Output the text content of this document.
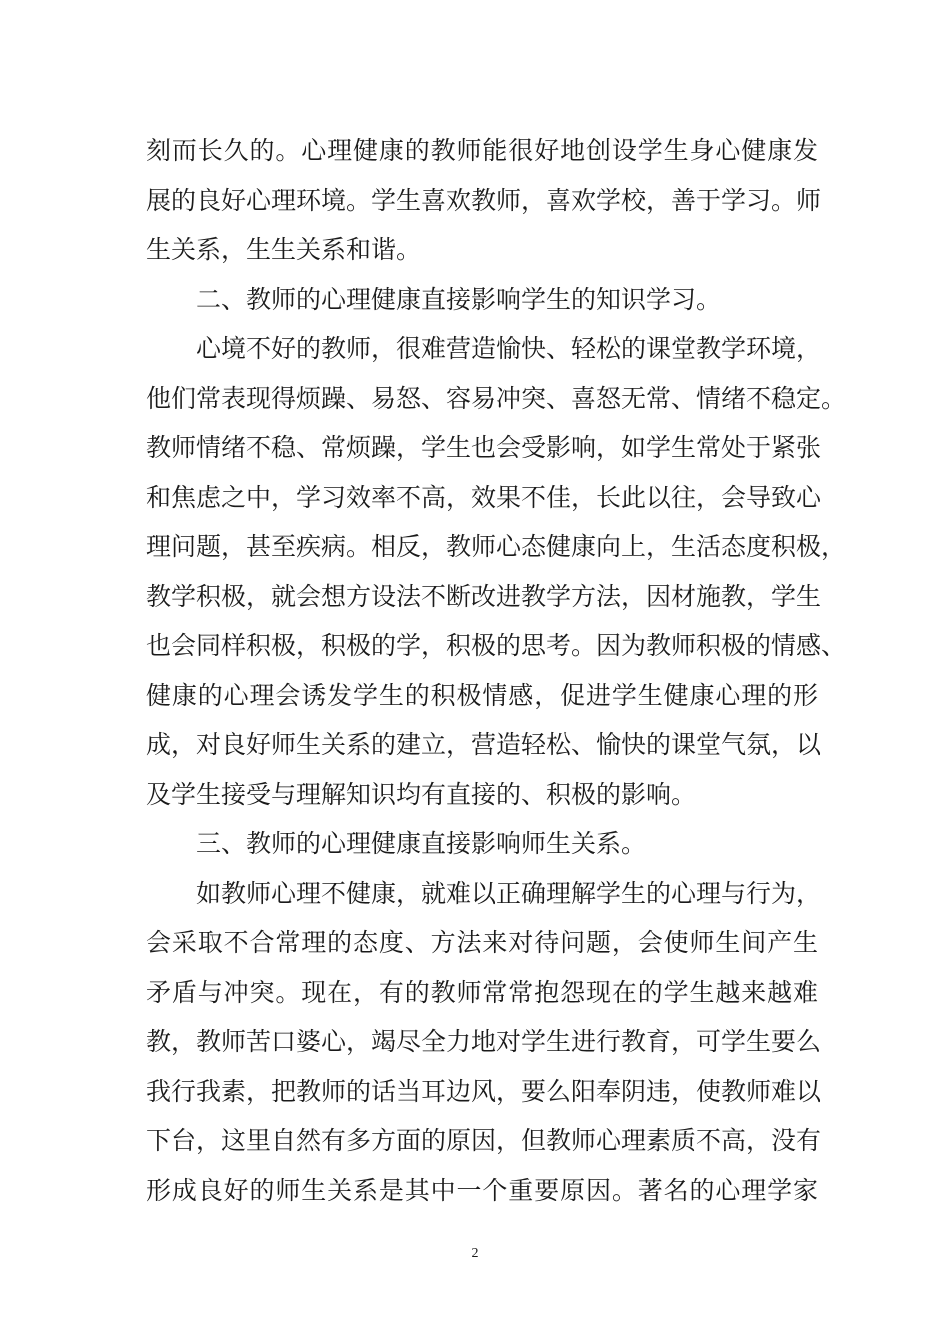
刻而长久的。心理健康的教师能很好地创设学生身心健康发
展的良好心理环境。学生喜欢教师，喜欢学校，善于学习。师
生关系，生生关系和谐。
二、教师的心理健康直接影响学生的知识学习。
心境不好的教师，很难营造愉快、轻松的课堂教学环境，
他们常表现得烦躁、易怒、容易冲突、喜怒无常、情绪不稳定。
教师情绪不稳、常烦躁，学生也会受影响，如学生常处于紧张
和焦虑之中，学习效率不高，效果不佳，长此以往，会导致心
理问题，甚至疾病。相反，教师心态健康向上，生活态度积极，
教学积极，就会想方设法不断改进教学方法，因材施教，学生
也会同样积极，积极的学，积极的思考。因为教师积极的情感、
健康的心理会诱发学生的积极情感，促进学生健康心理的形
成，对良好师生关系的建立，营造轻松、愉快的课堂气氛，以
及学生接受与理解知识均有直接的、积极的影响。
三、教师的心理健康直接影响师生关系。
如教师心理不健康，就难以正确理解学生的心理与行为，
会采取不合常理的态度、方法来对待问题，会使师生间产生
矛盾与冲突。现在，有的教师常常抱怨现在的学生越来越难
教，教师苦口婆心，竭尽全力地对学生进行教育，可学生要么
我行我素，把教师的话当耳边风，要么阳奉阴违，使教师难以
下台，这里自然有多方面的原因，但教师心理素质不高，没有
形成良好的师生关系是其中一个重要原因。著名的心理学家
2
